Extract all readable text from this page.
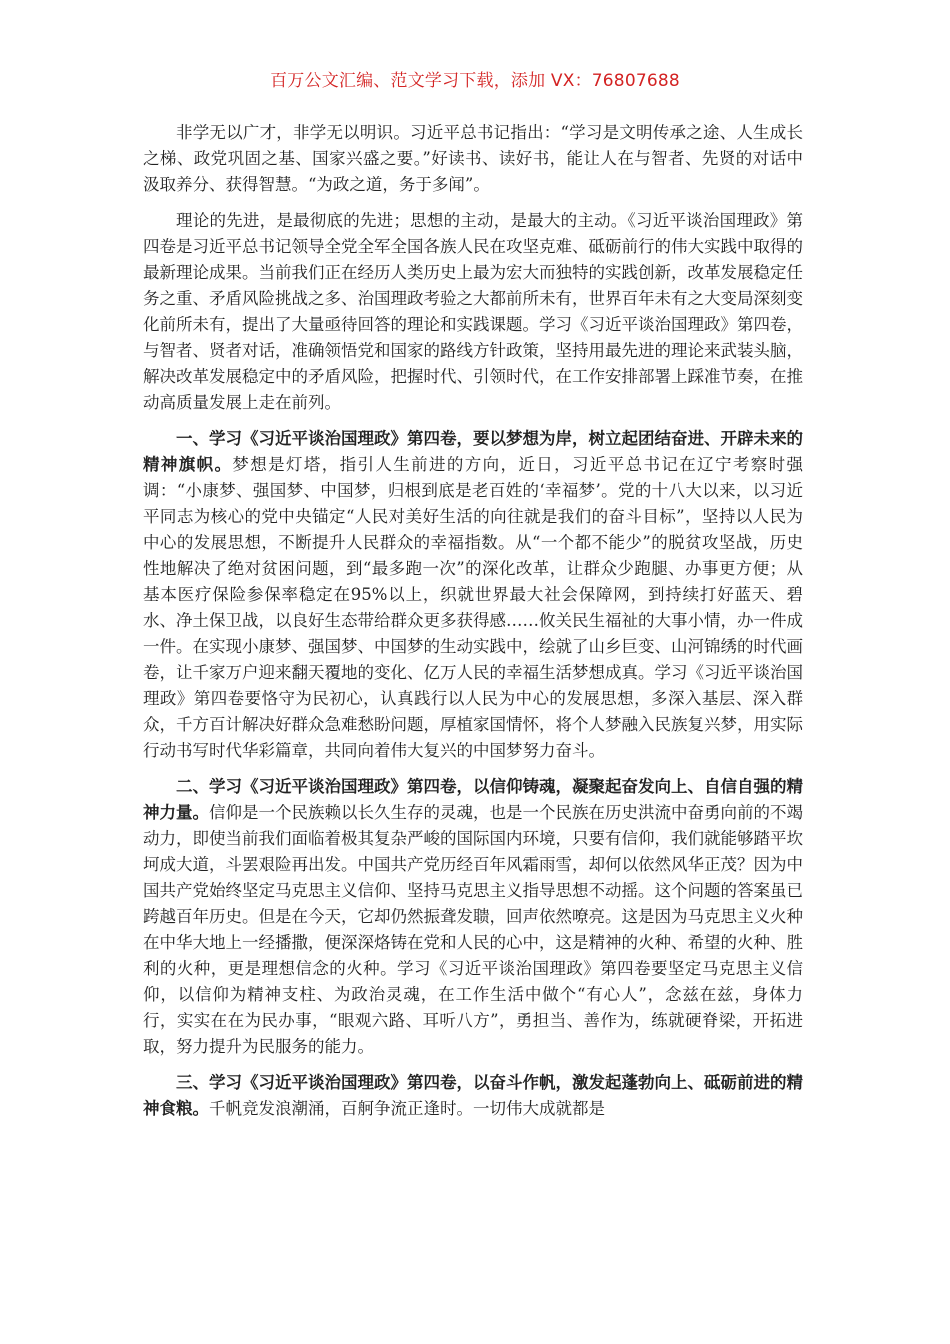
百万公文汇编、范文学习下载，添加 VX：76807688

非学无以广才，非学无以明识。习近平总书记指出：“学习是文明传承之途、人生成长之梯、政党巩固之基、国家兴盛之要。”好读书、读好书，能让人在与智者、先贤的对话中汲取养分、获得智慧。“为政之道，务于多闻”。

理论的先进，是最彻底的先进；思想的主动，是最大的主动。《习近平谈治国理政》第四卷是习近平总书记领导全党全军全国各族人民在攻坚克难、砥砺前行的伟大实践中取得的最新理论成果。当前我们正在经历人类历史上最为宏大而独特的实践创新，改革发展稳定任务之重、矛盾风险挑战之多、治国理政考验之大都前所未有，世界百年未有之大变局深刻变化前所未有，提出了大量亟待回答的理论和实践课题。学习《习近平谈治国理政》第四卷，与智者、贤者对话，准确领悟党和国家的路线方针政策，坚持用最先进的理论来武装头脑，解决改革发展稳定中的矛盾风险，把握时代、引领时代，在工作安排部署上踩准节奏，在推动高质量发展上走在前列。

一、学习《习近平谈治国理政》第四卷，要以梦想为岸，树立起团结奋进、开辟未来的精神旗帜。梦想是灯塔，指引人生前进的方向，近日，习近平总书记在辽宁考察时强调：“小康梦、强国梦、中国梦，归根到底是老百姓的‘幸福梦’。党的十八大以来，以习近平同志为核心的党中央锚定“人民对美好生活的向往就是我们的奋斗目标”，坚持以人民为中心的发展思想，不断提升人民群众的幸福指数。从“一个都不能少”的脱贫攻坚战，历史性地解决了绝对贫困问题，到“最多跑一次”的深化改革，让群众少跑腿、办事更方便；从基本医疗保险参保率稳定在95%以上，织就世界最大社会保障网，到持续打好蓝天、碧水、净土保卫战，以良好生态带给群众更多获得感……攸关民生福祉的大事小情，办一件成一件。在实现小康梦、强国梦、中国梦的生动实践中，绘就了山乡巨变、山河锦绣的时代画卷，让千家万户迎来翻天覆地的变化、亿万人民的幸福生活梦想成真。学习《习近平谈治国理政》第四卷要恪守为民初心，认真践行以人民为中心的发展思想，多深入基层、深入群众，千方百计解决好群众急难愁盼问题，厚植家国情怀，将个人梦融入民族复兴梦，用实际行动书写时代华彩篇章，共同向着伟大复兴的中国梦努力奋斗。

二、学习《习近平谈治国理政》第四卷，以信仰铸魂，凝聚起奋发向上、自信自强的精神力量。信仰是一个民族赖以长久生存的灵魂，也是一个民族在历史洪流中奋勇向前的不竭动力，即使当前我们面临着极其复杂严峻的国际国内环境，只要有信仰，我们就能够踏平坎坷成大道，斗罢艰险再出发。中国共产党历经百年风霜雨雪，却何以依然风华正茂？因为中国共产党始终坚定马克思主义信仰、坚持马克思主义指导思想不动摇。这个问题的答案虽已跨越百年历史。但是在今天，它却仍然振聋发聩，回声依然嘹亮。这是因为马克思主义火种在中华大地上一经播撒，便深深烙铸在党和人民的心中，这是精神的火种、希望的火种、胜利的火种，更是理想信念的火种。学习《习近平谈治国理政》第四卷要坚定马克思主义信仰，以信仰为精神支柱、为政治灵魂，在工作生活中做个“有心人”，念兹在兹，身体力行，实实在在为民办事，“眼观六路、耳听八方”，勇担当、善作为，练就硬脊梁，开拓进取，努力提升为民服务的能力。

三、学习《习近平谈治国理政》第四卷，以奋斗作帆，激发起蓬勃向上、砥砺前进的精神食粮。千帆竞发浪潮涌，百舸争流正逢时。一切伟大成就都是
